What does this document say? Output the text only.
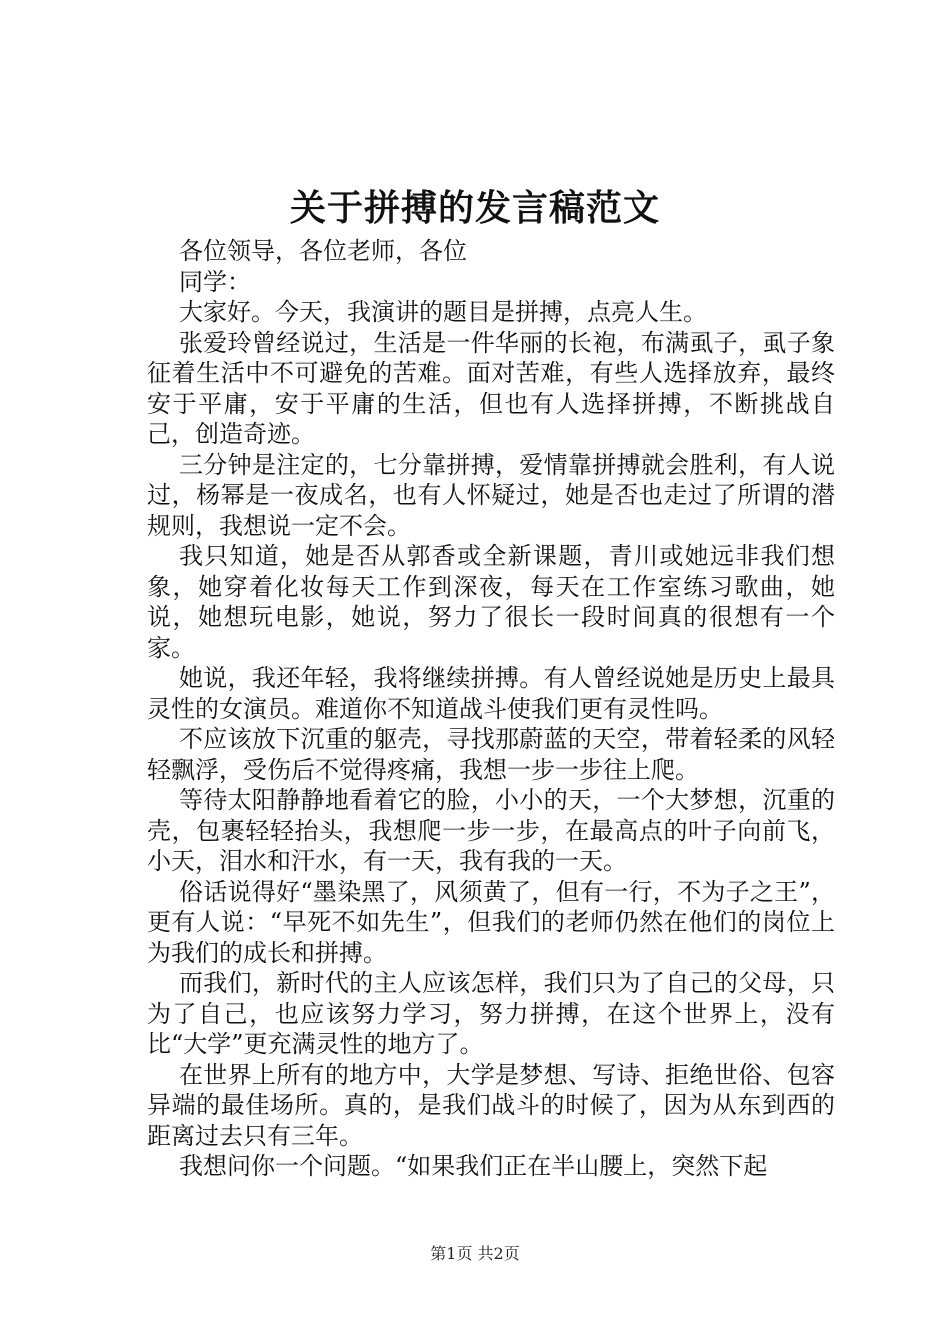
关于拼搏的发言稿范文

各位领导，各位老师，各位

同学：

大家好。今天，我演讲的题目是拼搏，点亮人生。

张爱玲曾经说过，生活是一件华丽的长袍，布满虱子，虱子象征着生活中不可避免的苦难。面对苦难，有些人选择放弃，最终安于平庸，安于平庸的生活，但也有人选择拼搏，不断挑战自己，创造奇迹。

三分钟是注定的，七分靠拼搏，爱情靠拼搏就会胜利，有人说过，杨幂是一夜成名，也有人怀疑过，她是否也走过了所谓的潜规则，我想说一定不会。

我只知道，她是否从郭香或全新课题，青川或她远非我们想象，她穿着化妆每天工作到深夜，每天在工作室练习歌曲，她说，她想玩电影，她说，努力了很长一段时间真的很想有一个家。

她说，我还年轻，我将继续拼搏。有人曾经说她是历史上最具灵性的女演员。难道你不知道战斗使我们更有灵性吗。

不应该放下沉重的躯壳，寻找那蔚蓝的天空，带着轻柔的风轻轻飘浮，受伤后不觉得疼痛，我想一步一步往上爬。

等待太阳静静地看着它的脸，小小的天，一个大梦想，沉重的壳，包裹轻轻抬头，我想爬一步一步，在最高点的叶子向前飞，小天，泪水和汗水，有一天，我有我的一天。

俗话说得好“墨染黑了，风须黄了，但有一行，不为子之王”，更有人说：“早死不如先生”，但我们的老师仍然在他们的岗位上为我们的成长和拼搏。

而我们，新时代的主人应该怎样，我们只为了自己的父母，只为了自己，也应该努力学习，努力拼搏，在这个世界上，没有比“大学”更充满灵性的地方了。

在世界上所有的地方中，大学是梦想、写诗、拒绝世俗、包容异端的最佳场所。真的，是我们战斗的时候了，因为从东到西的距离过去只有三年。

我想问你一个问题。“如果我们正在半山腰上，突然下起

第1页 共2页
